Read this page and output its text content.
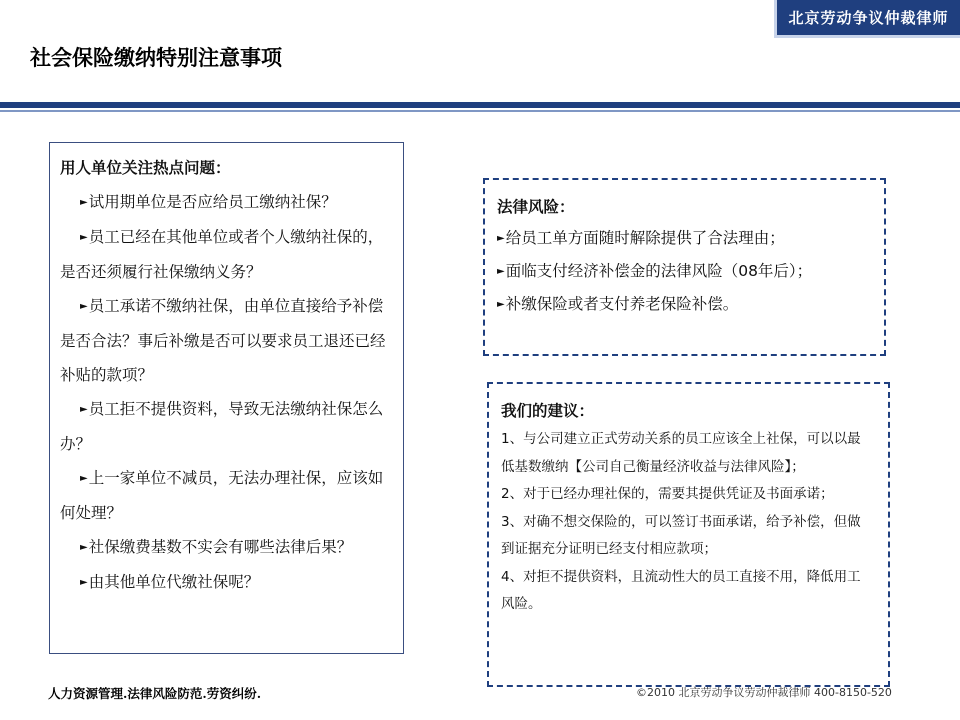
北京劳动争议仲裁律师
社会保险缴纳特别注意事项
用人单位关注热点问题：
►试用期单位是否应给员工缴纳社保？
►员工已经在其他单位或者个人缴纳社保的，是否还须履行社保缴纳义务？
►员工承诺不缴纳社保，由单位直接给予补偿是否合法？事后补缴是否可以要求员工退还已经补贴的款项？
►员工拒不提供资料，导致无法缴纳社保怎么办？
►上一家单位不减员，无法办理社保，应该如何处理？
►社保缴费基数不实会有哪些法律后果？
►由其他单位代缴社保呢？
法律风险：
►给员工单方面随时解除提供了合法理由；
►面临支付经济补偿金的法律风险（08年后）；
►补缴保险或者支付养老保险补偿。
我们的建议：
1、与公司建立正式劳动关系的员工应该全上社保，可以以最低基数缴纳【公司自己衡量经济收益与法律风险】；
2、对于已经办理社保的，需要其提供凭证及书面承诺；
3、对确不想交保险的，可以签订书面承诺，给予补偿，但做到证据充分证明已经支付相应款项；
4、对拒不提供资料，且流动性大的员工直接不用，降低用工风险。
人力资源管理.法律风险防范.劳资纠纷.	©2010 北京劳动争议劳动仲裁律师 400-8150-520
